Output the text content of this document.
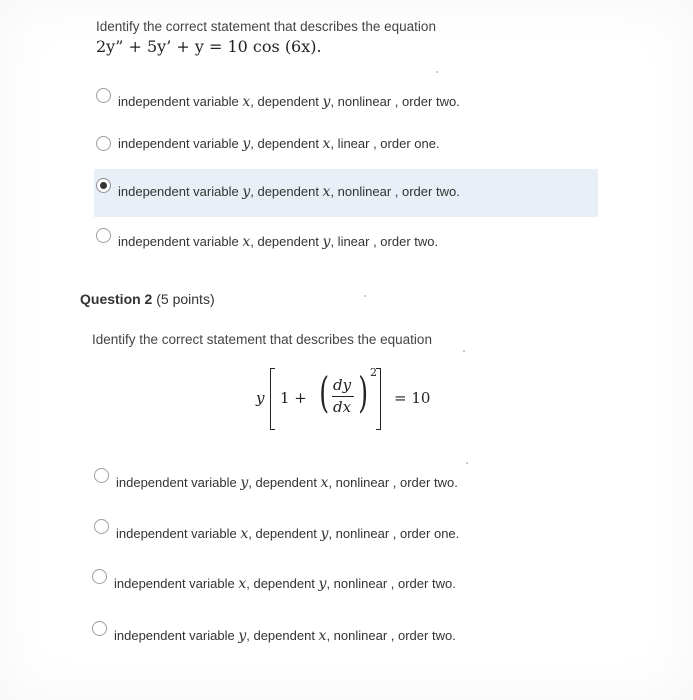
Identify the correct statement that describes the equation
2y” + 5y’ + y = 10 cos (6x).
independent variable x, dependent y, nonlinear , order two.
independent variable y, dependent x, linear , order one.
independent variable y, dependent x, nonlinear , order two.
independent variable x, dependent y, linear , order two.
Question 2 (5 points)
Identify the correct statement that describes the equation
y 1 + ( dy
dx ) 2
= 10
independent variable y, dependent x, nonlinear , order two.
independent variable x, dependent y, nonlinear , order one.
independent variable x, dependent y, nonlinear , order two.
independent variable y, dependent x, nonlinear , order two.
